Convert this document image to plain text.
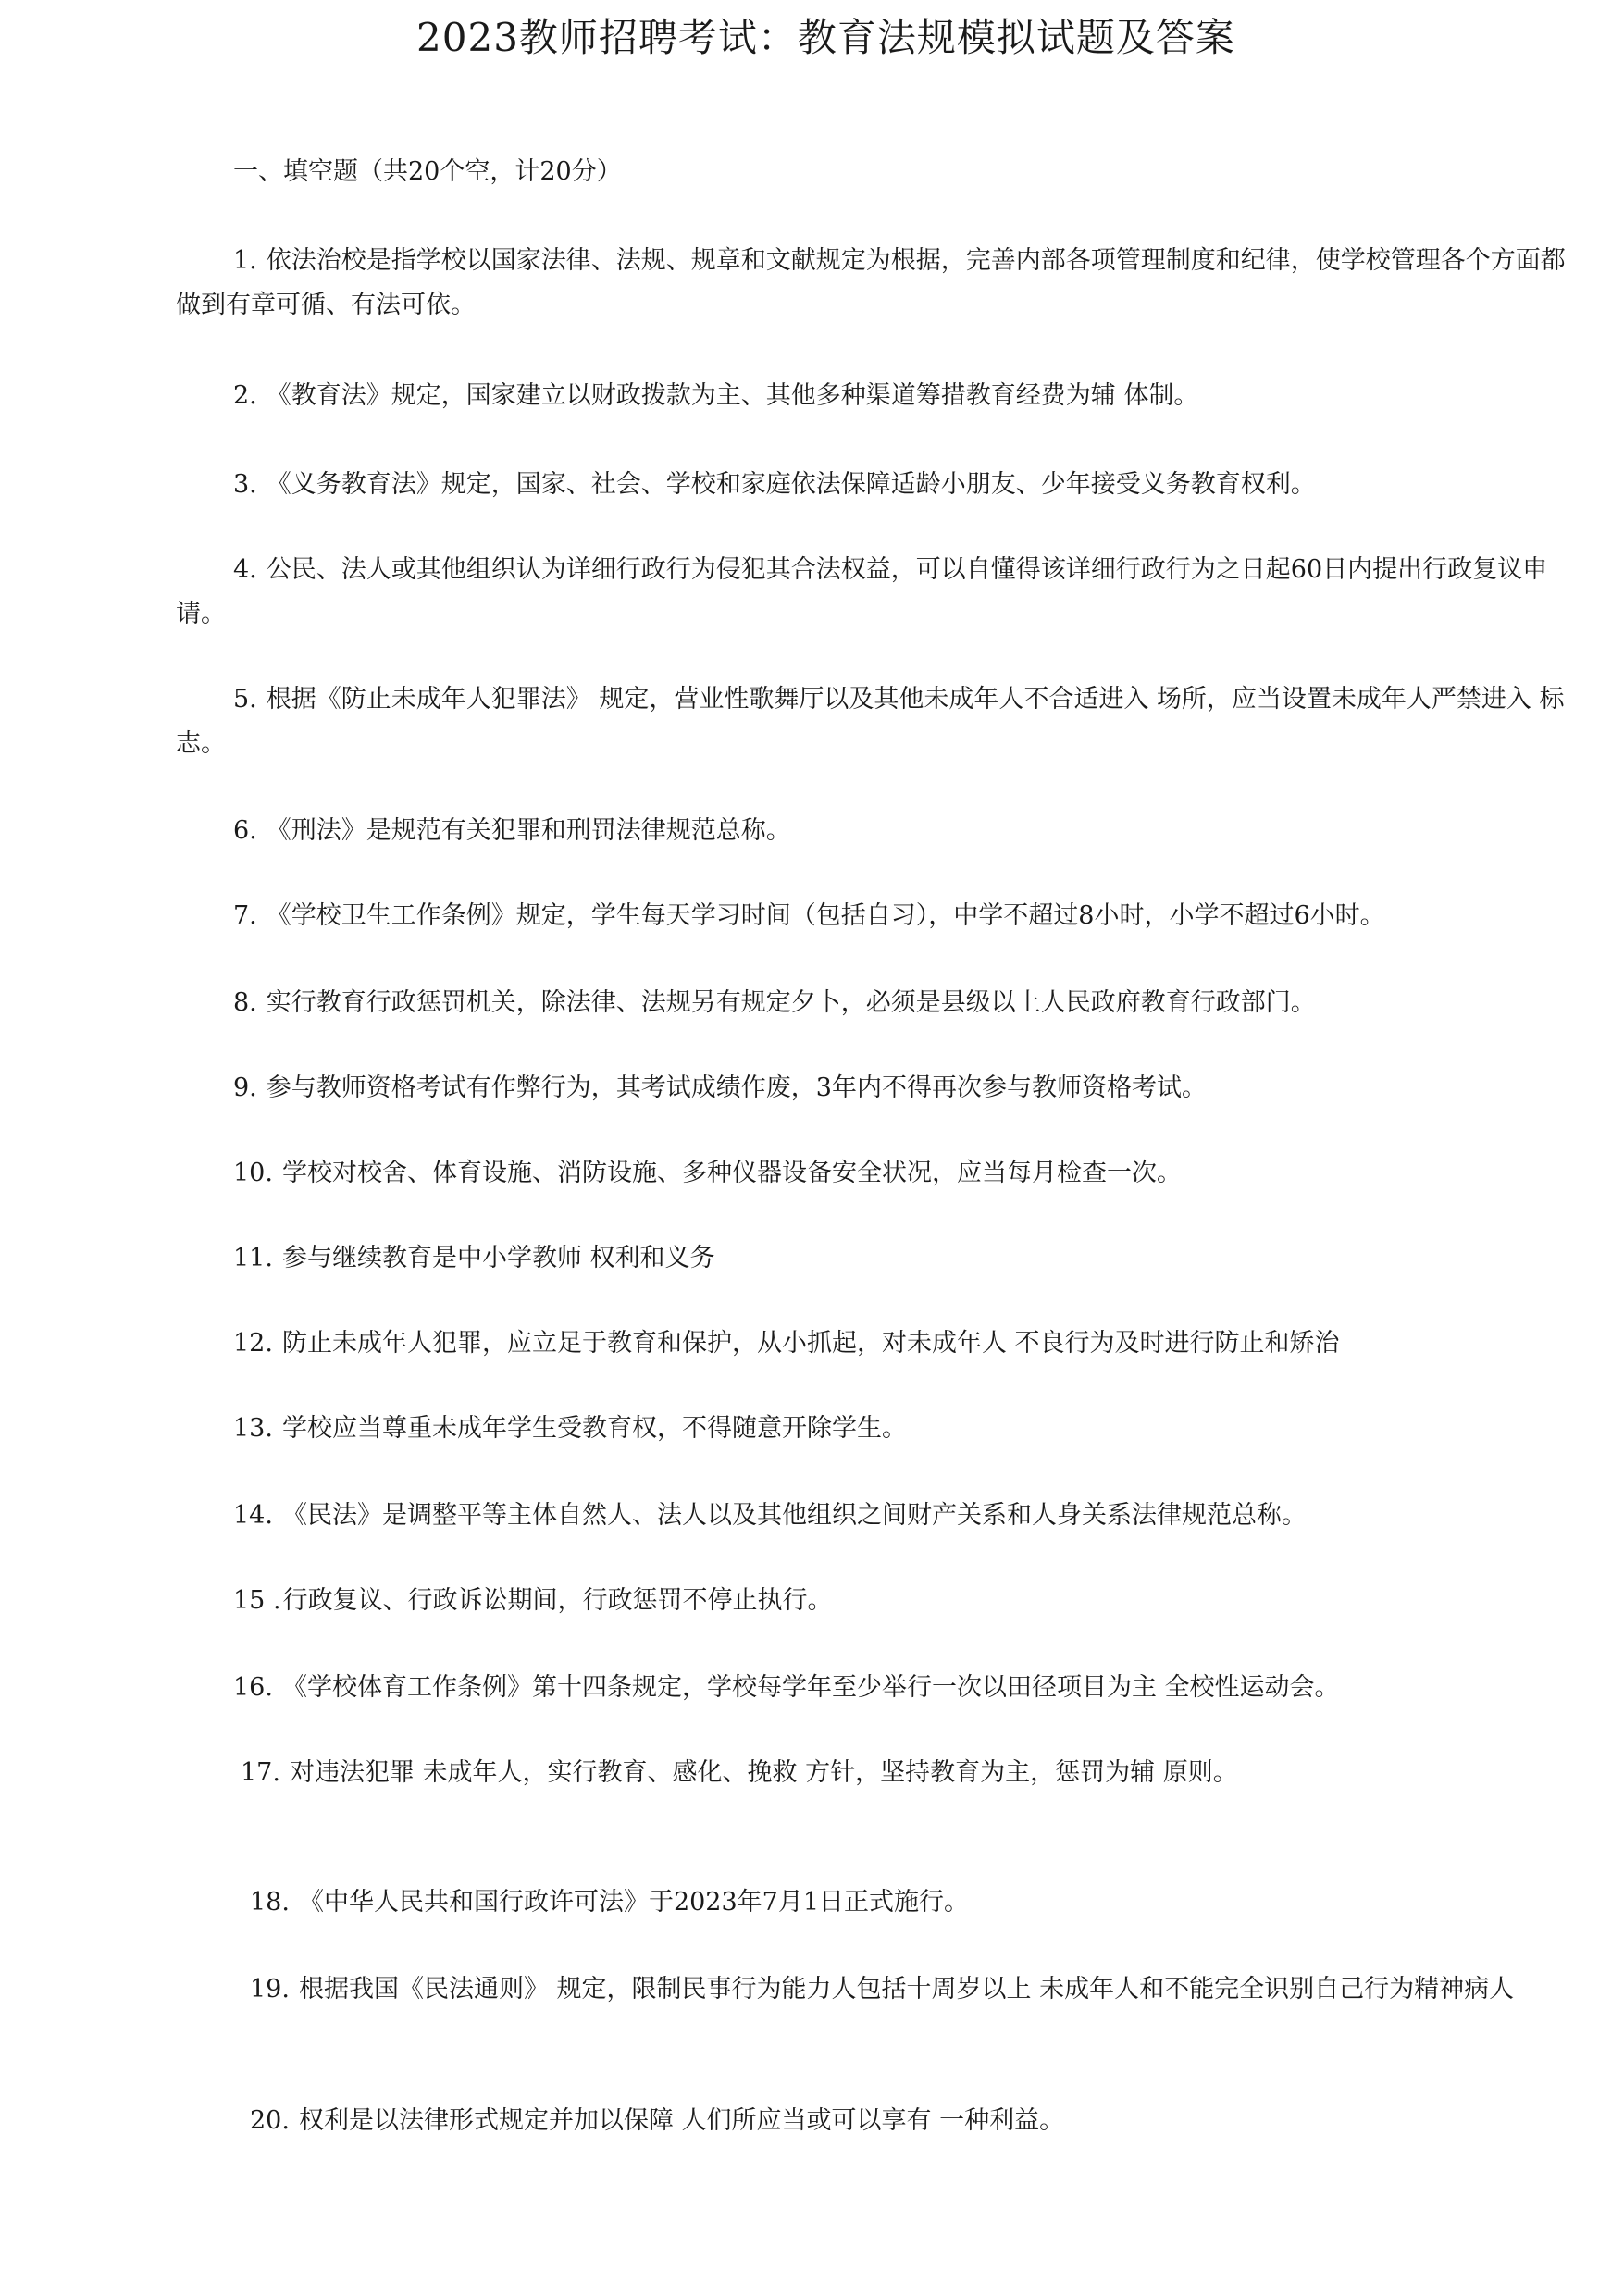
2023教师招聘考试：教育法规模拟试题及答案

一、填空题（共20个空，计20分）

1. 依法治校是指学校以国家法律、法规、规章和文献规定为根据，完善内部各项管理制度和纪律，使学校管理各个方面都做到有章可循、有法可依。

2. 《教育法》规定，国家建立以财政拨款为主、其他多种渠道筹措教育经费为辅 体制。

3. 《义务教育法》规定，国家、社会、学校和家庭依法保障适龄小朋友、少年接受义务教育权利。

4. 公民、法人或其他组织认为详细行政行为侵犯其合法权益，可以自懂得该详细行政行为之日起60日内提出行政复议申请。

5. 根据《防止未成年人犯罪法》 规定，营业性歌舞厅以及其他未成年人不合适进入 场所，应当设置未成年人严禁进入 标志。

6. 《刑法》是规范有关犯罪和刑罚法律规范总称。

7. 《学校卫生工作条例》规定，学生每天学习时间（包括自习），中学不超过8小时，小学不超过6小时。

8. 实行教育行政惩罚机关，除法律、法规另有规定夕卜，必须是县级以上人民政府教育行政部门。

9. 参与教师资格考试有作弊行为，其考试成绩作废，3年内不得再次参与教师资格考试。

10. 学校对校舍、体育设施、消防设施、多种仪器设备安全状况，应当每月检查一次。

11. 参与继续教育是中小学教师 权利和义务

12. 防止未成年人犯罪，应立足于教育和保护，从小抓起，对未成年人 不良行为及时进行防止和矫治

13. 学校应当尊重未成年学生受教育权，不得随意开除学生。

14. 《民法》是调整平等主体自然人、法人以及其他组织之间财产关系和人身关系法律规范总称。

15 .行政复议、行政诉讼期间，行政惩罚不停止执行。

16. 《学校体育工作条例》第十四条规定，学校每学年至少举行一次以田径项目为主 全校性运动会。

17. 对违法犯罪 未成年人，实行教育、感化、挽救 方针，坚持教育为主，惩罚为辅 原则。

18. 《中华人民共和国行政许可法》于2023年7月1日正式施行。

19. 根据我国《民法通则》 规定，限制民事行为能力人包括十周岁以上 未成年人和不能完全识别自己行为精神病人

20. 权利是以法律形式规定并加以保障 人们所应当或可以享有 一种利益。
